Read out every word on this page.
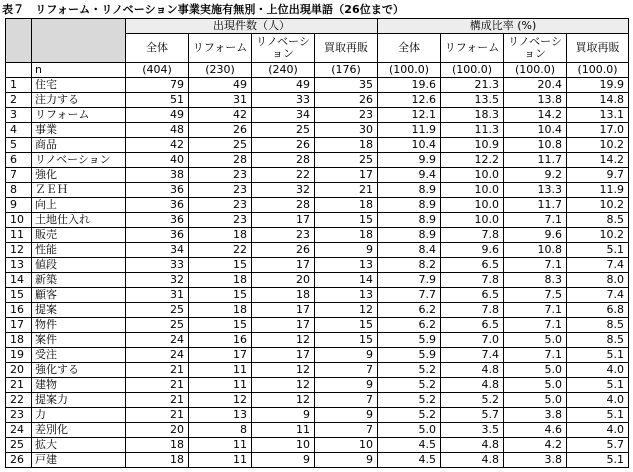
表７　リフォーム・リノベーション事業実施有無別・上位出現単語（26位まで）
		出現件数（人）				構成比率 (%)			
		全体	リフォーム	リノベーション	買取再販	全体	リフォーム	リノベーション	買取再販
	n	(404)	(230)	(240)	(176)	(100.0)	(100.0)	(100.0)	(100.0)
1	住宅	79	49	49	35	19.6	21.3	20.4	19.9
2	注力する	51	31	33	26	12.6	13.5	13.8	14.8
3	リフォーム	49	42	34	23	12.1	18.3	14.2	13.1
4	事業	48	26	25	30	11.9	11.3	10.4	17.0
5	商品	42	25	26	18	10.4	10.9	10.8	10.2
6	リノベーション	40	28	28	25	9.9	12.2	11.7	14.2
7	強化	38	23	22	17	9.4	10.0	9.2	9.7
8	ＺＥＨ	36	23	32	21	8.9	10.0	13.3	11.9
9	向上	36	23	28	18	8.9	10.0	11.7	10.2
10	土地仕入れ	36	23	17	15	8.9	10.0	7.1	8.5
11	販売	36	18	23	18	8.9	7.8	9.6	10.2
12	性能	34	22	26	9	8.4	9.6	10.8	5.1
13	値段	33	15	17	13	8.2	6.5	7.1	7.4
14	新築	32	18	20	14	7.9	7.8	8.3	8.0
15	顧客	31	15	18	13	7.7	6.5	7.5	7.4
16	提案	25	18	17	12	6.2	7.8	7.1	6.8
17	物件	25	15	17	15	6.2	6.5	7.1	8.5
18	案件	24	16	12	15	5.9	7.0	5.0	8.5
19	受注	24	17	17	9	5.9	7.4	7.1	5.1
20	強化する	21	11	12	7	5.2	4.8	5.0	4.0
21	建物	21	11	12	9	5.2	4.8	5.0	5.1
22	提案力	21	12	12	7	5.2	5.2	5.0	4.0
23	力	21	13	9	9	5.2	5.7	3.8	5.1
24	差別化	20	8	11	7	5.0	3.5	4.6	4.0
25	拡大	18	11	10	10	4.5	4.8	4.2	5.7
26	戸建	18	11	9	9	4.5	4.8	3.8	5.1
